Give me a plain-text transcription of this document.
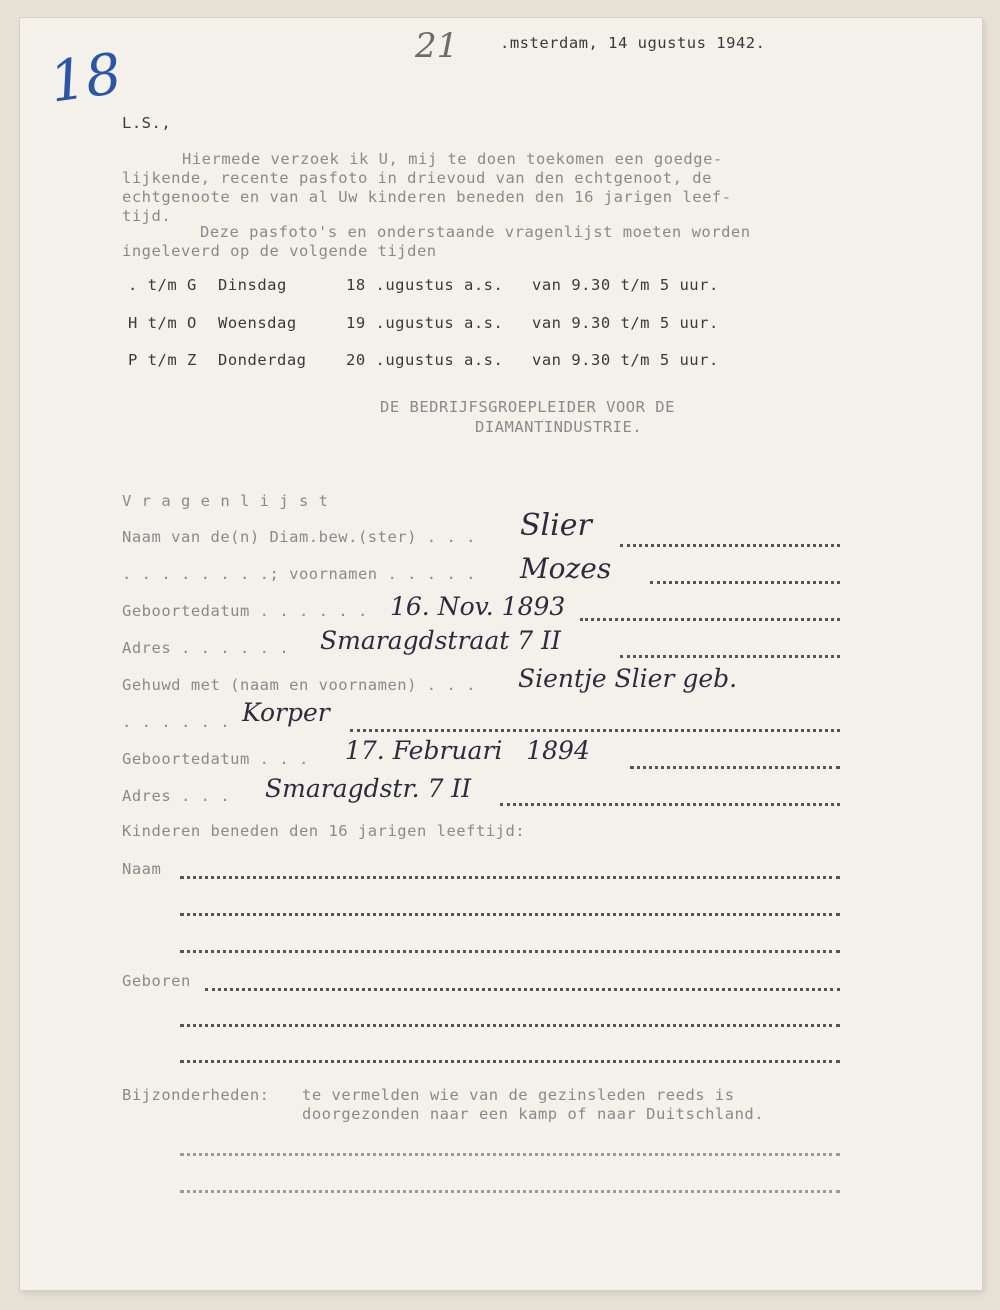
18	21	.msterdam, 14 ugustus 1942.
L.S.,
Hiermede verzoek ik U, mij te doen toekomen een goedge-
lijkende, recente pasfoto in drievoud van den echtgenoot, de
echtgenoote en van al Uw kinderen beneden den 16 jarigen leef-
tijd.
Deze pasfoto's en onderstaande vragenlijst moeten worden
ingeleverd op de volgende tijden
. t/m G Dinsdag	18 .ugustus a.s. van 9.30 t/m 5 uur.
H t/m O Woensdag	19 .ugustus a.s. van 9.30 t/m 5 uur.
P t/m Z Donderdag	20 .ugustus a.s. van 9.30 t/m 5 uur.
DE BEDRIJFSGROEPLEIDER VOOR DE
DIAMANTINDUSTRIE.
V r a g e n l i j s t
Naam van de(n) Diam.bew.(ster) . . . Slier
. . . . . . . .; voornamen . . . . . Mozes
Geboortedatum . . . . . . 16. Nov. 1893
Adres . . . . . . Smaragdstraat 7 II
Gehuwd met (naam en voornamen) . . . Sientje Slier geb.
. . . . . . Korper
Geboortedatum . . . 17. Februari   1894
Adres . . . Smaragdstr. 7 II
Kinderen beneden den 16 jarigen leeftijd:
Naam
Geboren
Bijzonderheden: te vermelden wie van de gezinsleden reeds is
doorgezonden naar een kamp of naar Duitschland.
